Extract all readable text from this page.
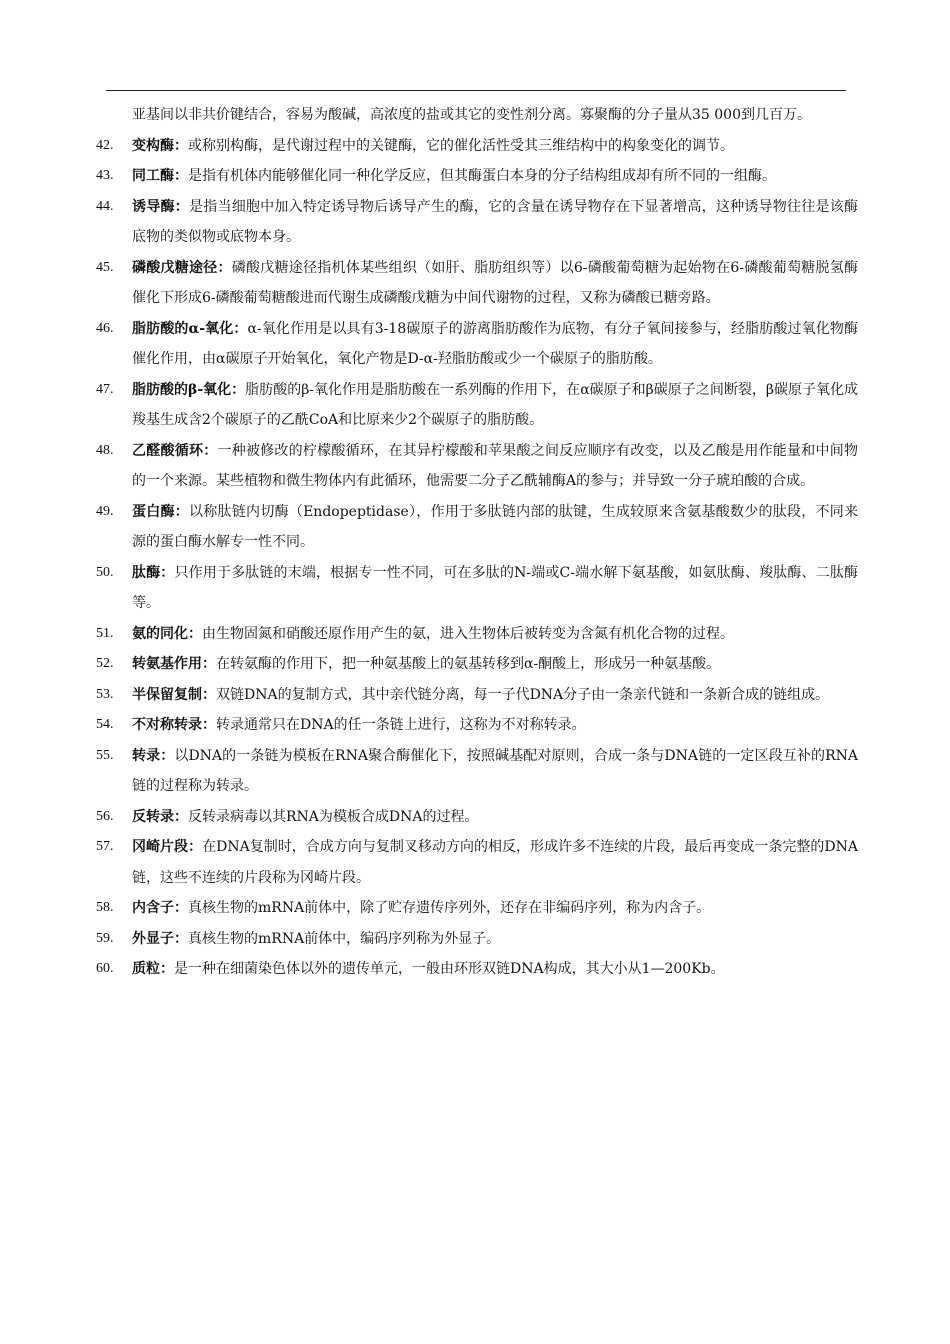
亚基间以非共价键结合，容易为酸碱，高浓度的盐或其它的变性剂分离。寡聚酶的分子量从35 000到几百万。

42. 变构酶：或称别构酶，是代谢过程中的关键酶，它的催化活性受其三维结构中的构象变化的调节。
43. 同工酶：是指有机体内能够催化同一种化学反应，但其酶蛋白本身的分子结构组成却有所不同的一组酶。
44. 诱导酶：是指当细胞中加入特定诱导物后诱导产生的酶，它的含量在诱导物存在下显著增高，这种诱导物往往是该酶底物的类似物或底物本身。
45. 磷酸戊糖途径：磷酸戊糖途径指机体某些组织（如肝、脂肪组织等）以6-磷酸葡萄糖为起始物在6-磷酸葡萄糖脱氢酶催化下形成6-磷酸葡萄糖酸进而代谢生成磷酸戊糖为中间代谢物的过程，又称为磷酸已糖旁路。
46. 脂肪酸的α-氧化：α-氧化作用是以具有3-18碳原子的游离脂肪酸作为底物，有分子氧间接参与，经脂肪酸过氧化物酶催化作用，由α碳原子开始氧化，氧化产物是D-α-羟脂肪酸或少一个碳原子的脂肪酸。
47. 脂肪酸的β-氧化：脂肪酸的β-氧化作用是脂肪酸在一系列酶的作用下，在α碳原子和β碳原子之间断裂，β碳原子氧化成羧基生成含2个碳原子的乙酰CoA和比原来少2个碳原子的脂肪酸。
48. 乙醛酸循环：一种被修改的柠檬酸循环，在其异柠檬酸和苹果酸之间反应顺序有改变，以及乙酸是用作能量和中间物的一个来源。某些植物和微生物体内有此循环，他需要二分子乙酰辅酶A的参与；并导致一分子琥珀酸的合成。
49. 蛋白酶：以称肽链内切酶（Endopeptidase），作用于多肽链内部的肽键，生成较原来含氨基酸数少的肽段，不同来源的蛋白酶水解专一性不同。
50. 肽酶：只作用于多肽链的末端，根据专一性不同，可在多肽的N-端或C-端水解下氨基酸，如氨肽酶、羧肽酶、二肽酶等。
51. 氨的同化：由生物固氮和硝酸还原作用产生的氨，进入生物体后被转变为含氮有机化合物的过程。
52. 转氨基作用：在转氨酶的作用下，把一种氨基酸上的氨基转移到α-酮酸上，形成另一种氨基酸。
53. 半保留复制：双链DNA的复制方式，其中亲代链分离，每一子代DNA分子由一条亲代链和一条新合成的链组成。
54. 不对称转录：转录通常只在DNA的任一条链上进行，这称为不对称转录。
55. 转录：以DNA的一条链为模板在RNA聚合酶催化下，按照碱基配对原则，合成一条与DNA链的一定区段互补的RNA链的过程称为转录。
56. 反转录：反转录病毒以其RNA为模板合成DNA的过程。
57. 冈崎片段：在DNA复制时，合成方向与复制叉移动方向的相反，形成许多不连续的片段，最后再变成一条完整的DNA链，这些不连续的片段称为冈崎片段。
58. 内含子：真核生物的mRNA前体中，除了贮存遗传序列外，还存在非编码序列，称为内含子。
59. 外显子：真核生物的mRNA前体中，编码序列称为外显子。
60. 质粒：是一种在细菌染色体以外的遗传单元，一般由环形双链DNA构成，其大小从1—200Kb。
